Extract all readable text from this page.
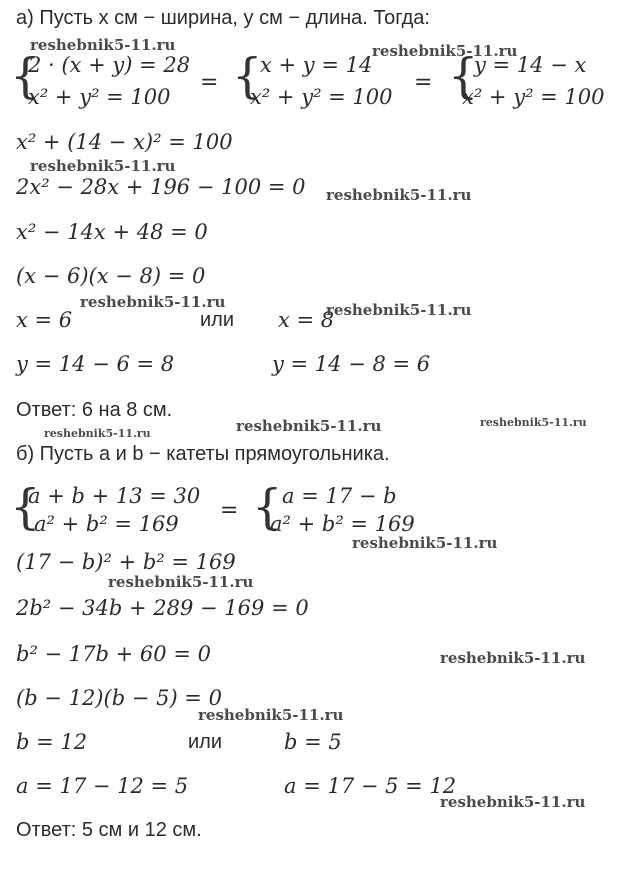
а) Пусть x см − ширина, y см − длина. Тогда:
{
2 · (x + y) = 28
x² + y² = 100
= {
x + y = 14
x² + y² = 100
= {
y = 14 − x
x² + y² = 100
x² + (14 − x)² = 100
2x² − 28x + 196 − 100 = 0
x² − 14x + 48 = 0
(x − 6)(x − 8) = 0
x = 6	или x = 8
y = 14 − 6 = 8	y = 14 − 8 = 6
Ответ: 6 на 8 см.
б) Пусть a и b − катеты прямоугольника.
{
a + b + 13 = 30
a² + b² = 169
= { a = 17 − b
a² + b² = 169
(17 − b)² + b² = 169
2b² − 34b + 289 − 169 = 0
b² − 17b + 60 = 0
(b − 12)(b − 5) = 0
b = 12	или	b = 5
a = 17 − 12 = 5	a = 17 − 5 = 12
Ответ: 5 см и 12 см.
reshebnik5-11.ru	reshebnik5-11.ru
reshebnik5-11.ru
reshebnik5-11.ru
reshebnik5-11.ru	reshebnik5-11.ru
reshebnik5-11.ru	reshebnik5-11.ru	reshebnik5-11.ru
reshebnik5-11.ru
reshebnik5-11.ru
reshebnik5-11.ru
reshebnik5-11.ru
reshebnik5-11.ru
